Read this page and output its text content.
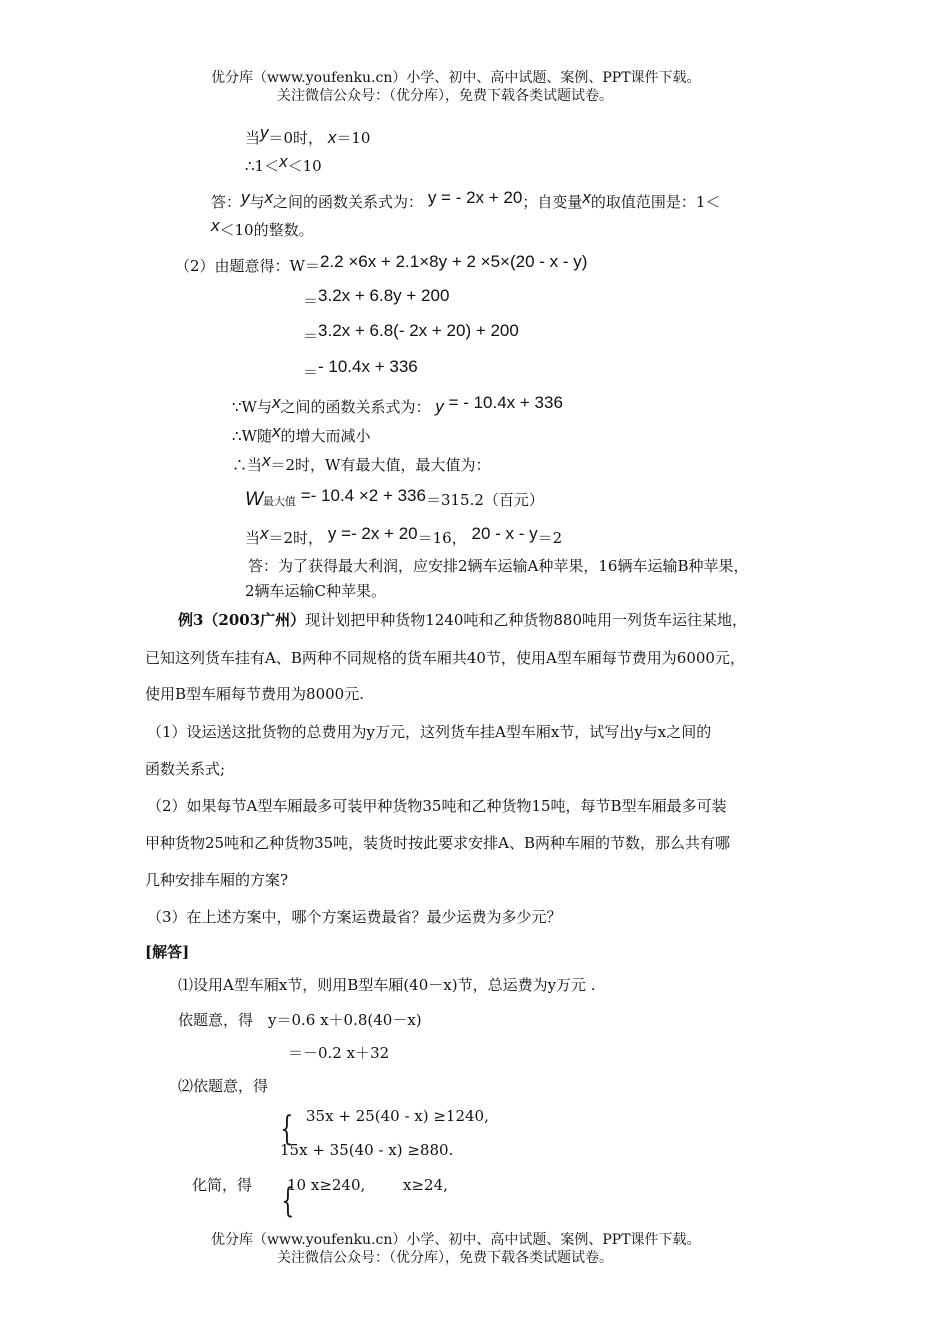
优分库（www.youfenku.cn）小学、初中、高中试题、案例、PPT课件下载。
关注微信公众号：（优分库），免费下载各类试题试卷。
当y＝0时， x＝10
∴1＜x＜10
答：y与x之间的函数关系式为： y = - 2x + 20；自变量x的取值范围是：1＜
x＜10的整数。
（2）由题意得：W＝2.2 ×6x + 2.1×8y + 2 ×5×(20 - x - y)
＝3.2x + 6.8y + 200
＝3.2x + 6.8(- 2x + 20) + 200
＝- 10.4x + 336
∵W与x之间的函数关系式为： y = - 10.4x + 336
∴W随x的增大而减小
∴当x＝2时，W有最大值，最大值为：
W最大值 =- 10.4 ×2 + 336＝315.2（百元）
当x＝2时， y =- 2x + 20＝16， 20 - x - y＝2
答：为了获得最大利润，应安排2辆车运输A种苹果，16辆车运输B种苹果，
2辆车运输C种苹果。
例3（2003广州）现计划把甲种货物1240吨和乙种货物880吨用一列货车运往某地，
已知这列货车挂有A、B两种不同规格的货车厢共40节，使用A型车厢每节费用为6000元，
使用B型车厢每节费用为8000元.
（1）设运送这批货物的总费用为y万元，这列货车挂A型车厢x节，试写出y与x之间的
函数关系式;
（2）如果每节A型车厢最多可装甲种货物35吨和乙种货物15吨，每节B型车厢最多可装
甲种货物25吨和乙种货物35吨，装货时按此要求安排A、B两种车厢的节数，那么共有哪
几种安排车厢的方案?
（3）在上述方案中，哪个方案运费最省？最少运费为多少元？
[解答]
⑴设用A型车厢x节，则用B型车厢(40－x)节，总运费为y万元 .
依题意，得　y＝0.6 x＋0.8(40－x)
＝－0.2 x＋32
⑵依题意，得
{ 35x + 25(40 - x) ≥1240,
15x + 35(40 - x) ≥880.
化简，得 {
10 x≥240,	x≥24,
优分库（www.youfenku.cn）小学、初中、高中试题、案例、PPT课件下载。
关注微信公众号：（优分库），免费下载各类试题试卷。
